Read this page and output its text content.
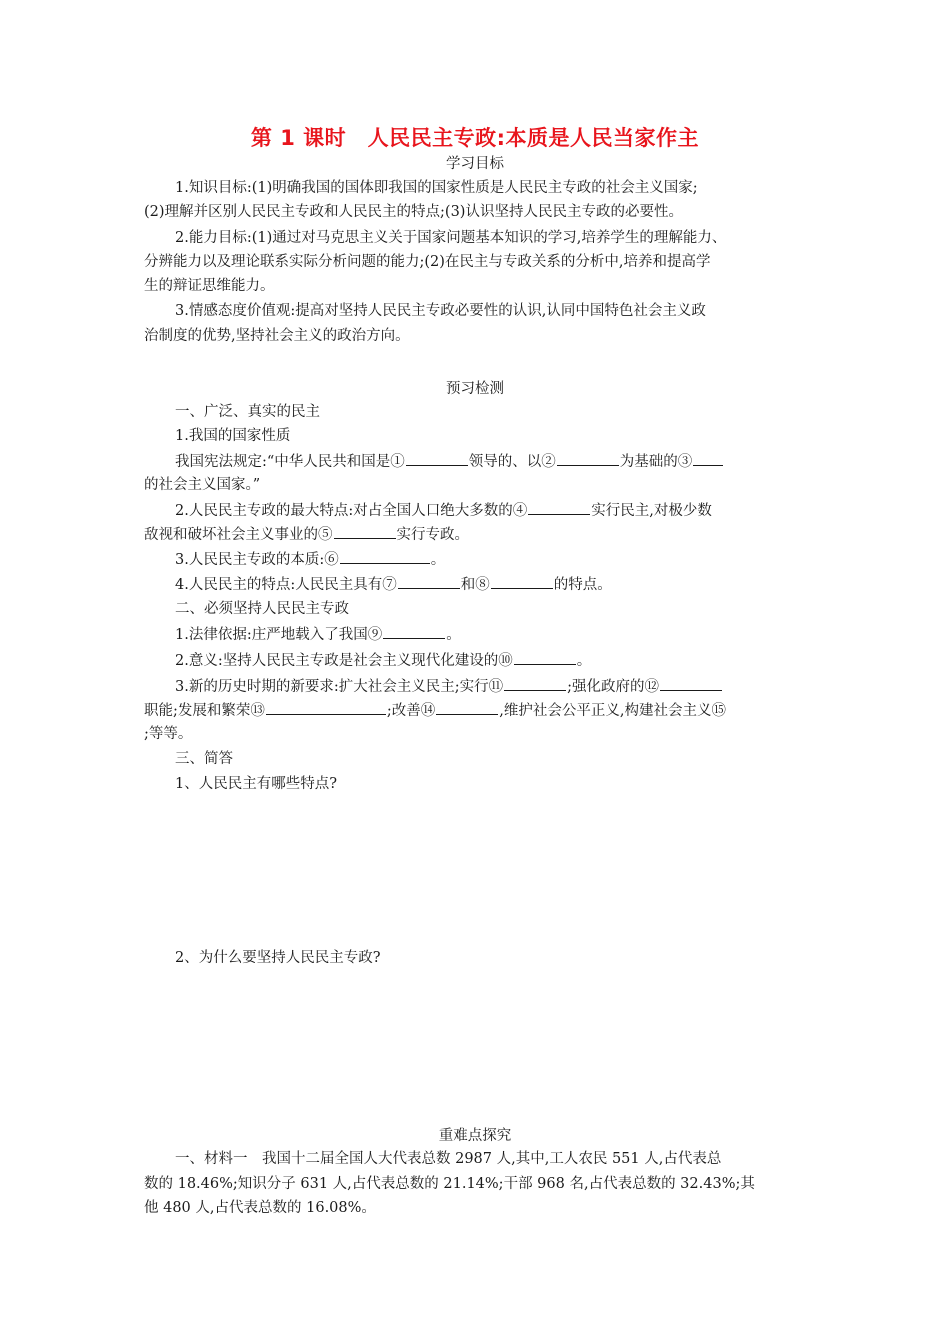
第 1 课时　人民民主专政:本质是人民当家作主
学习目标
1.知识目标:(1)明确我国的国体即我国的国家性质是人民民主专政的社会主义国家;
(2)理解并区别人民民主专政和人民民主的特点;(3)认识坚持人民民主专政的必要性。
2.能力目标:(1)通过对马克思主义关于国家问题基本知识的学习,培养学生的理解能力、
分辨能力以及理论联系实际分析问题的能力;(2)在民主与专政关系的分析中,培养和提高学
生的辩证思维能力。
3.情感态度价值观:提高对坚持人民民主专政必要性的认识,认同中国特色社会主义政
治制度的优势,坚持社会主义的政治方向。
预习检测
一、广泛、真实的民主
1.我国的国家性质
我国宪法规定:“中华人民共和国是①	领导的、以②	为基础的③
的社会主义国家。”
2.人民民主专政的最大特点:对占全国人口绝大多数的④	实行民主,对极少数
敌视和破坏社会主义事业的⑤	实行专政。
3.人民民主专政的本质:⑥	。
4.人民民主的特点:人民民主具有⑦	和⑧	的特点。
二、必须坚持人民民主专政
1.法律依据:庄严地载入了我国⑨	。
2.意义:坚持人民民主专政是社会主义现代化建设的⑩	。
3.新的历史时期的新要求:扩大社会主义民主;实行⑪	;强化政府的⑫
职能;发展和繁荣⑬	;改善⑭	,维护社会公平正义,构建社会主义⑮
;等等。
三、简答
1、人民民主有哪些特点?
2、为什么要坚持人民民主专政?
重难点探究
一、材料一　我国十二届全国人大代表总数 2987 人,其中,工人农民 551 人,占代表总
数的 18.46%;知识分子 631 人,占代表总数的 21.14%;干部 968 名,占代表总数的 32.43%;其
他 480 人,占代表总数的 16.08%。
